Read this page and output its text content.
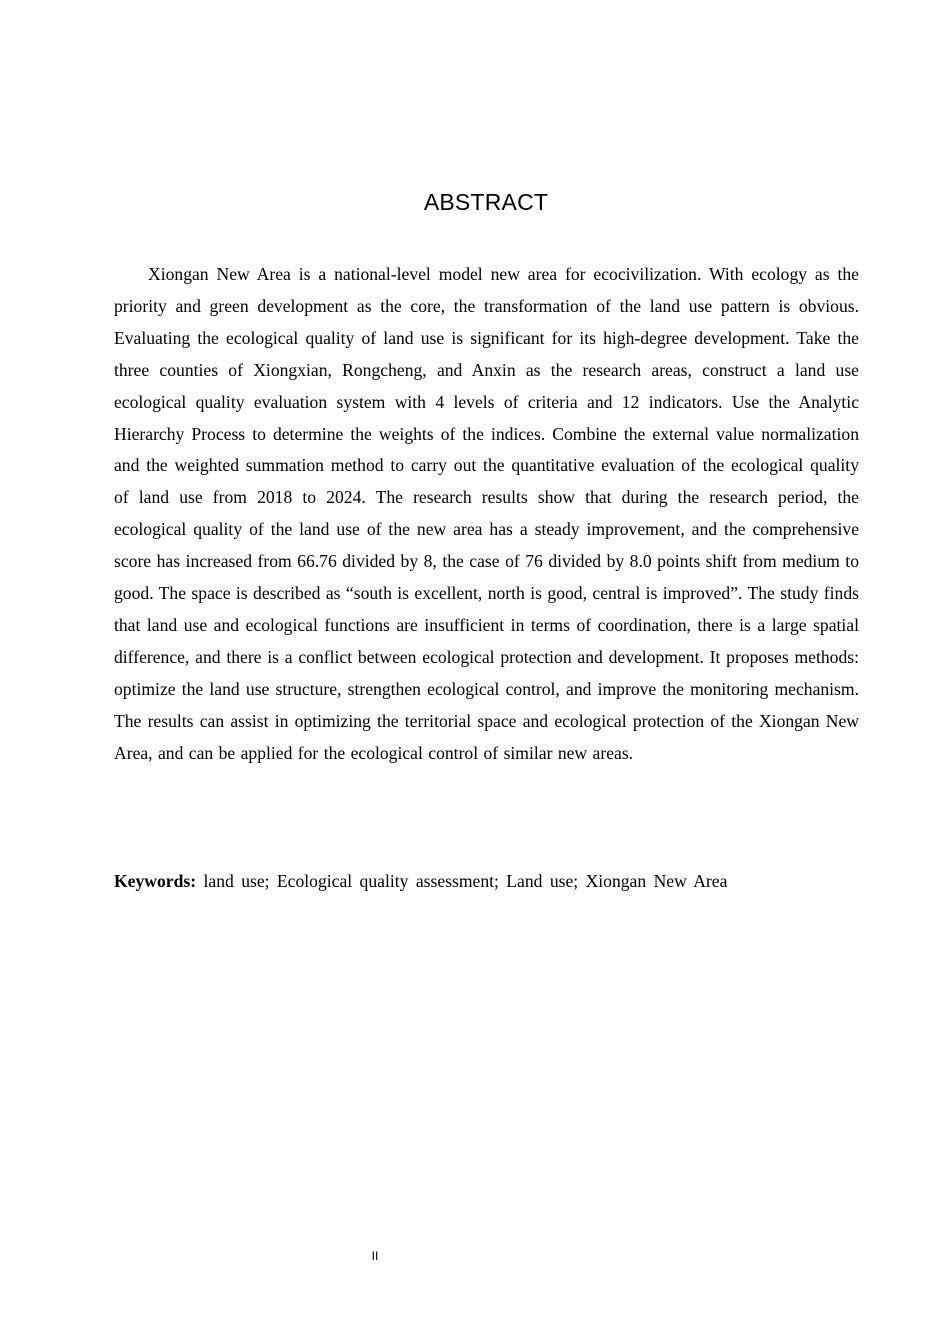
ABSTRACT

Xiongan New Area is a national-level model new area for ecocivilization. With ecology as the priority and green development as the core, the transformation of the land use pattern is obvious. Evaluating the ecological quality of land use is significant for its high-degree development. Take the three counties of Xiongxian, Rongcheng, and Anxin as the research areas, construct a land use ecological quality evaluation system with 4 levels of criteria and 12 indicators. Use the Analytic Hierarchy Process to determine the weights of the indices. Combine the external value normalization and the weighted summation method to carry out the quantitative evaluation of the ecological quality of land use from 2018 to 2024. The research results show that during the research period, the ecological quality of the land use of the new area has a steady improvement, and the comprehensive score has increased from 66.76 divided by 8, the case of 76 divided by 8.0 points shift from medium to good. The space is described as “south is excellent, north is good, central is improved”. The study finds that land use and ecological functions are insufficient in terms of coordination, there is a large spatial difference, and there is a conflict between ecological protection and development. It proposes methods: optimize the land use structure, strengthen ecological control, and improve the monitoring mechanism. The results can assist in optimizing the territorial space and ecological protection of the Xiongan New Area, and can be applied for the ecological control of similar new areas.

Keywords: land use; Ecological quality assessment; Land use; Xiongan New Area

II
